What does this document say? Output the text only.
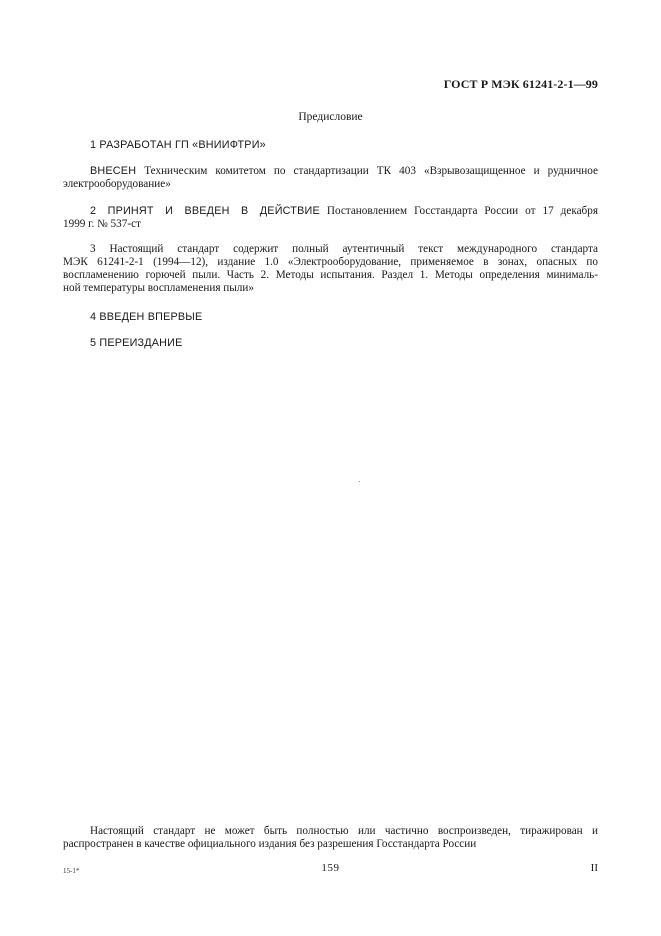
ГОСТ Р МЭК 61241-2-1—99
Предисловие
1 РАЗРАБОТАН ГП «ВНИИФТРИ»
ВНЕСЕН Техническим комитетом по стандартизации ТК 403 «Взрывозащищенное и рудничное
электрооборудование»
2 ПРИНЯТ И ВВЕДЕН В ДЕЙСТВИЕ Постановлением Госстандарта России от 17 декабря
1999 г. № 537-ст
3 Настоящий стандарт содержит полный аутентичный текст международного стандарта
МЭК 61241-2-1 (1994—12), издание 1.0 «Электрооборудование, применяемое в зонах, опасных по
воспламенению горючей пыли. Часть 2. Методы испытания. Раздел 1. Методы определения минималь-
ной температуры воспламенения пыли»
4 ВВЕДЕН ВПЕРВЫЕ
5 ПЕРЕИЗДАНИЕ
Настоящий стандарт не может быть полностью или частично воспроизведен, тиражирован и
распространен в качестве официального издания без разрешения Госстандарта России
15-1*	159	II
